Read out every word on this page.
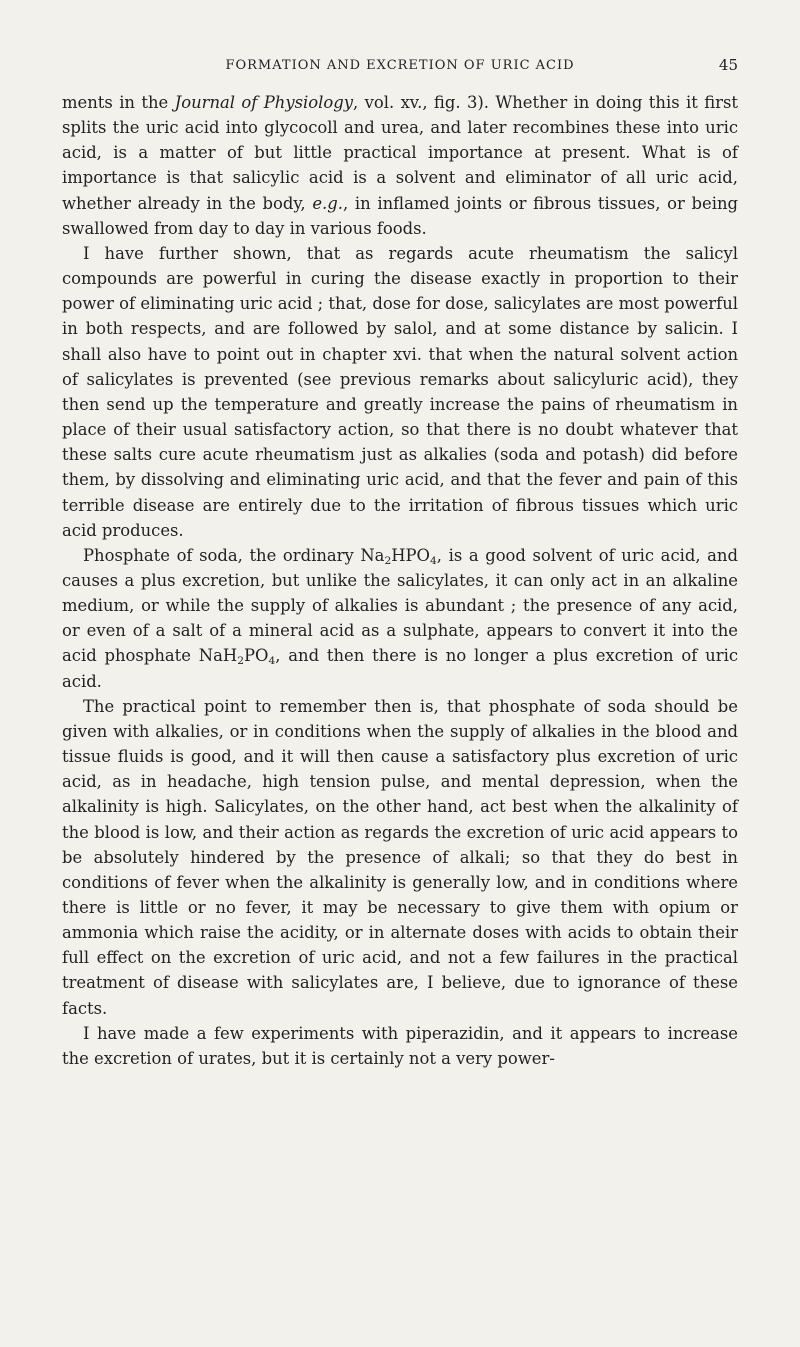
FORMATION AND EXCRETION OF URIC ACID	45

ments in the Journal of Physiology, vol. xv., fig. 3). Whether in doing this it first splits the uric acid into glycocoll and urea, and later recombines these into uric acid, is a matter of but little practical importance at present. What is of importance is that salicylic acid is a solvent and eliminator of all uric acid, whether already in the body, e.g., in inflamed joints or fibrous tissues, or being swallowed from day to day in various foods.

I have further shown, that as regards acute rheumatism the salicyl compounds are powerful in curing the disease exactly in proportion to their power of eliminating uric acid ; that, dose for dose, salicylates are most powerful in both respects, and are followed by salol, and at some distance by salicin. I shall also have to point out in chapter xvi. that when the natural solvent action of salicylates is prevented (see previous remarks about salicyluric acid), they then send up the temperature and greatly increase the pains of rheumatism in place of their usual satisfactory action, so that there is no doubt whatever that these salts cure acute rheumatism just as alkalies (soda and potash) did before them, by dissolving and eliminating uric acid, and that the fever and pain of this terrible disease are entirely due to the irritation of fibrous tissues which uric acid produces.

Phosphate of soda, the ordinary $Na_2HPO_4$, is a good solvent of uric acid, and causes a plus excretion, but unlike the salicylates, it can only act in an alkaline medium, or while the supply of alkalies is abundant ; the presence of any acid, or even of a salt of a mineral acid as a sulphate, appears to convert it into the acid phosphate $NaH_2PO_4$, and then there is no longer a plus excretion of uric acid.

The practical point to remember then is, that phosphate of soda should be given with alkalies, or in conditions when the supply of alkalies in the blood and tissue fluids is good, and it will then cause a satisfactory plus excretion of uric acid, as in headache, high tension pulse, and mental depression, when the alkalinity is high. Salicylates, on the other hand, act best when the alkalinity of the blood is low, and their action as regards the excretion of uric acid appears to be absolutely hindered by the presence of alkali; so that they do best in conditions of fever when the alkalinity is generally low, and in conditions where there is little or no fever, it may be necessary to give them with opium or ammonia which raise the acidity, or in alternate doses with acids to obtain their full effect on the excretion of uric acid, and not a few failures in the practical treatment of disease with salicylates are, I believe, due to ignorance of these facts.

I have made a few experiments with piperazidin, and it appears to increase the excretion of urates, but it is certainly not a very power-
